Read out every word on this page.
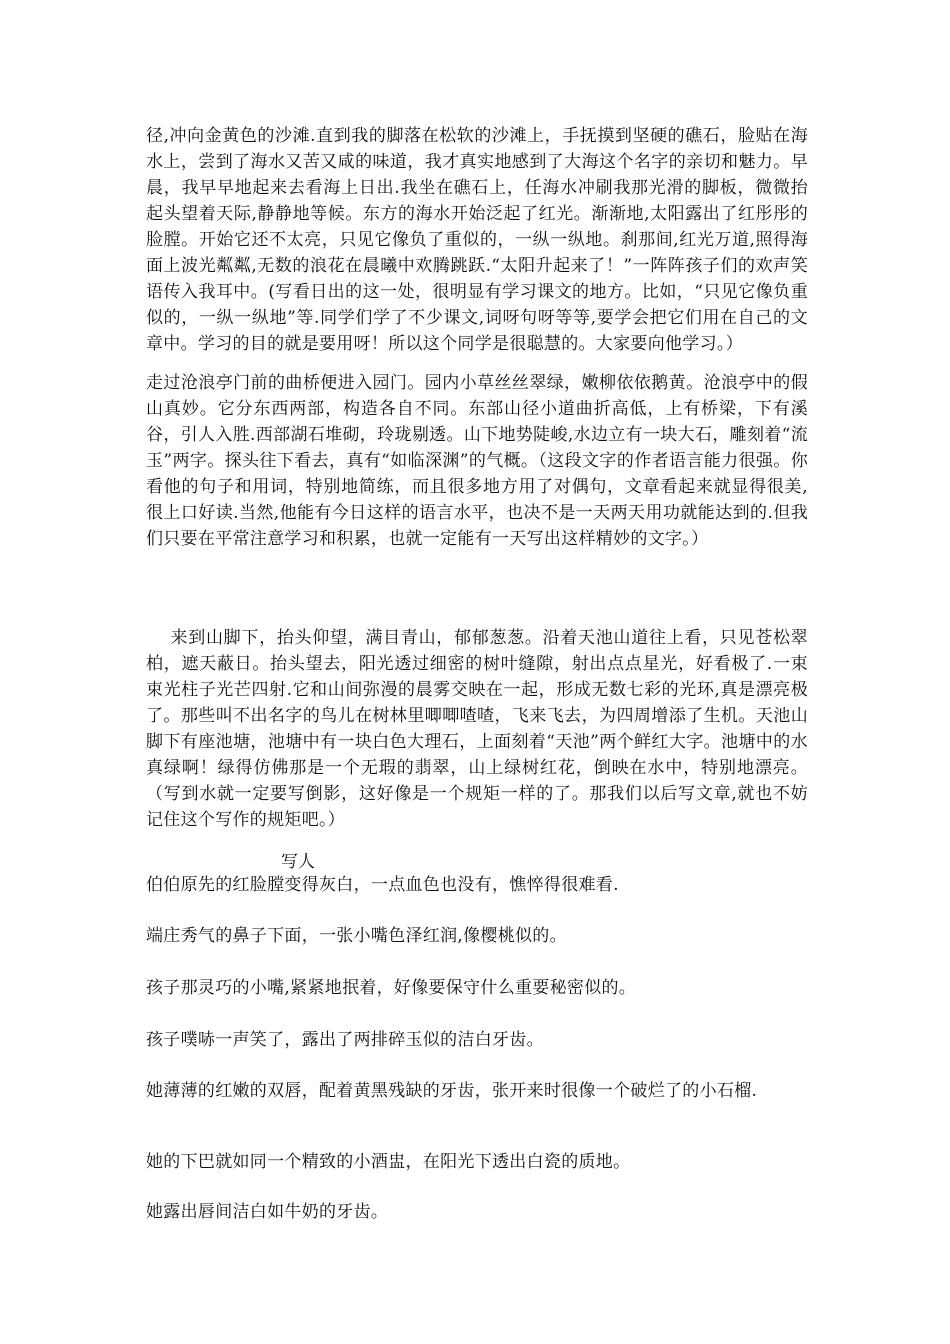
径,冲向金黄色的沙滩.直到我的脚落在松软的沙滩上，手抚摸到坚硬的礁石，脸贴在海水上，尝到了海水又苦又咸的味道，我才真实地感到了大海这个名字的亲切和魅力。早晨，我早早地起来去看海上日出.我坐在礁石上，任海水冲刷我那光滑的脚板，微微抬起头望着天际,静静地等候。东方的海水开始泛起了红光。渐渐地,太阳露出了红彤彤的脸膛。开始它还不太亮，只见它像负了重似的，一纵一纵地。刹那间,红光万道,照得海面上波光粼粼,无数的浪花在晨曦中欢腾跳跃.“太阳升起来了！”一阵阵孩子们的欢声笑语传入我耳中。(写看日出的这一处，很明显有学习课文的地方。比如，“只见它像负重似的，一纵一纵地”等.同学们学了不少课文,词呀句呀等等,要学会把它们用在自己的文章中。学习的目的就是要用呀！所以这个同学是很聪慧的。大家要向他学习。）

走过沧浪亭门前的曲桥便进入园门。园内小草丝丝翠绿，嫩柳依依鹅黄。沧浪亭中的假山真妙。它分东西两部，构造各自不同。东部山径小道曲折高低，上有桥梁，下有溪谷，引人入胜.西部湖石堆砌，玲珑剔透。山下地势陡峻,水边立有一块大石，雕刻着“流玉”两字。探头往下看去，真有“如临深渊”的气概。（这段文字的作者语言能力很强。你看他的句子和用词，特别地简练，而且很多地方用了对偶句，文章看起来就显得很美,很上口好读.当然,他能有今日这样的语言水平，也决不是一天两天用功就能达到的.但我们只要在平常注意学习和积累，也就一定能有一天写出这样精妙的文字。）

来到山脚下，抬头仰望，满目青山，郁郁葱葱。沿着天池山道往上看，只见苍松翠柏，遮天蔽日。抬头望去，阳光透过细密的树叶缝隙，射出点点星光，好看极了.一束束光柱子光芒四射.它和山间弥漫的晨雾交映在一起，形成无数七彩的光环,真是漂亮极了。那些叫不出名字的鸟儿在树林里唧唧喳喳，飞来飞去，为四周增添了生机。天池山脚下有座池塘，池塘中有一块白色大理石，上面刻着“天池”两个鲜红大字。池塘中的水真绿啊！绿得仿佛那是一个无瑕的翡翠，山上绿树红花，倒映在水中，特别地漂亮。（写到水就一定要写倒影，这好像是一个规矩一样的了。那我们以后写文章,就也不妨记住这个写作的规矩吧。）

写人

伯伯原先的红脸膛变得灰白，一点血色也没有，憔悴得很难看.

端庄秀气的鼻子下面，一张小嘴色泽红润,像樱桃似的。

孩子那灵巧的小嘴,紧紧地抿着，好像要保守什么重要秘密似的。

孩子噗哧一声笑了，露出了两排碎玉似的洁白牙齿。

她薄薄的红嫩的双唇，配着黄黑残缺的牙齿，张开来时很像一个破烂了的小石榴.

她的下巴就如同一个精致的小酒盅，在阳光下透出白瓷的质地。

她露出唇间洁白如牛奶的牙齿。
